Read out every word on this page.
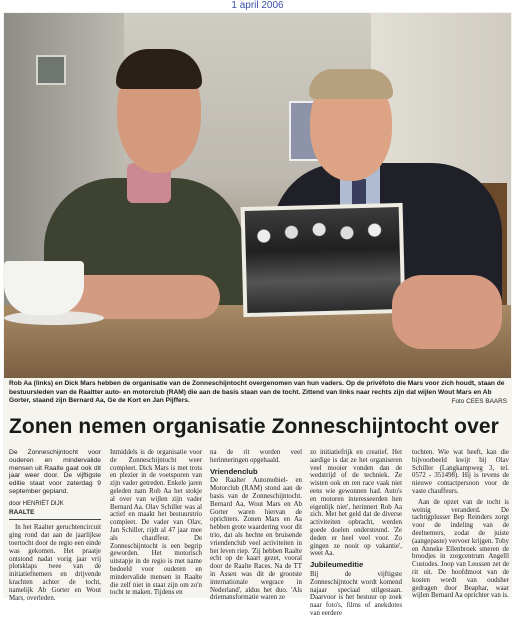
1 april 2006
Rob Aa (links) en Dick Mars hebben de organisatie van de Zonneschijntocht overgenomen van hun vaders. Op de privéfoto die Mars voor zich houdt, staan de bestuursleden van de Raaltter auto- en motorclub (RAM) die aan de basis staan van de tocht. Zittend van links naar rechts zijn dat wijlen Wout Mars en Ab Gorter, staand zijn Bernard Aa, Ge de Kort en Jan Pijffers.	Foto CEES BAARS
Zonen nemen organisatie Zonneschijntocht over

De Zonneschijntocht voor ouderen en mindervalide mensen uit Raalte gaat ook dit jaar weer door. De vijftigste editie staat voor zaterdag 9 september gepland.

door HENRIËT DIJK
RAALTE

In het Raalter geruchtencircuit ging rond dat aan de jaarlijkse toertocht door de regio een einde was gekomen. Het praatje ontstond nadat vorig jaar vrij plotsklaps twee van de initiatiefnemers en drijvende krachten achter de tocht, namelijk Ab Gorter en Wout Mars, overleden.

Inmiddels is de organisatie voor de Zonneschijntocht weer compleet. Dick Mars is met trots en plezier in de voetsporen van zijn vader getreden. Enkele jaren geleden nam Rob Aa het stokje al over van wijlen zijn vader Bernard Aa. Olav Schiller was al actief en maakt het bestuurstrio compleet. De vader van Olav, Jan Schiller, rijdt al 47 jaar mee als chauffeur. De Zonneschijntocht is een begrip geworden. Het motorisch uitstapje in de regio is met name bedoeld voor ouderen en mindervalide mensen in Raalte die zelf niet in staat zijn om zo'n tocht te maken. Tijdens en

na de rit worden veel herinneringen opgehaald.

Vriendenclub

De Raalter Automobiel- en Motorclub (RAM) stond aan de basis van de Zonneschijntocht. Bernard Aa, Wout Mars en Ab Gorter waren hiervan de oprichters. Zonen Mars en Aa hebben grote waardering voor dit trio, dat als hechte en bruisende vriendenclub veel activiteiten in het leven riep. 'Zij hebben Raalte echt op de kaart gezet, vooral door de Raalte Races. Na de TT in Assen was dit de grootste internationale wegrace in Nederland', aldus het duo. 'Als driemansformatie waren ze

zo initiatiefrijk en creatief. Het aardige is dat ze het organiseren veel mooier vonden dan de wedstrijd of de techniek. Ze wisten ook en ren race vaak niet eens wie gewonnen had. Auto's en motoren interesseerden hen eigenlijk niet', herinnert Rob Aa zich. Met het geld dat de diverse activiteiten opbracht, werden goede doelen ondersteund. 'Ze deden er heel veel voor. Zo gingen ze nooit op vakantie', weet Aa.

Jubileumeditie

Bij de vijftigste Zonneschijntocht wordt komend najaar speciaal stilgestaan. Daarvoor is het bestuur op zoek naar foto's, films of anekdotes van eerdere

tochten. Wie wat heeft, kan die bijvoorbeeld kwijt bij Olav Schiller (Langkampweg 3, tel. 0572 - 351498). Hij is tevens de nieuwe contactpersoon voor de vaste chauffeurs.

Aan de opzet van de tocht is weinig veranderd. De tachtigplusser Bep Reinders zorgt voor de indeling van de deelnemers, zodat de juiste (aangepaste) vervoer krijgen. Toby en Anneke Ellenbroek smeren de broodjes in zorgcentrum Angelll Custodes. Joop van Leussen zet de rit uit. De hoofdmoot van de kosten wordt van oudsher gedragen door Beaphar, waar wijlen Bernard Aa oprichter van is.
